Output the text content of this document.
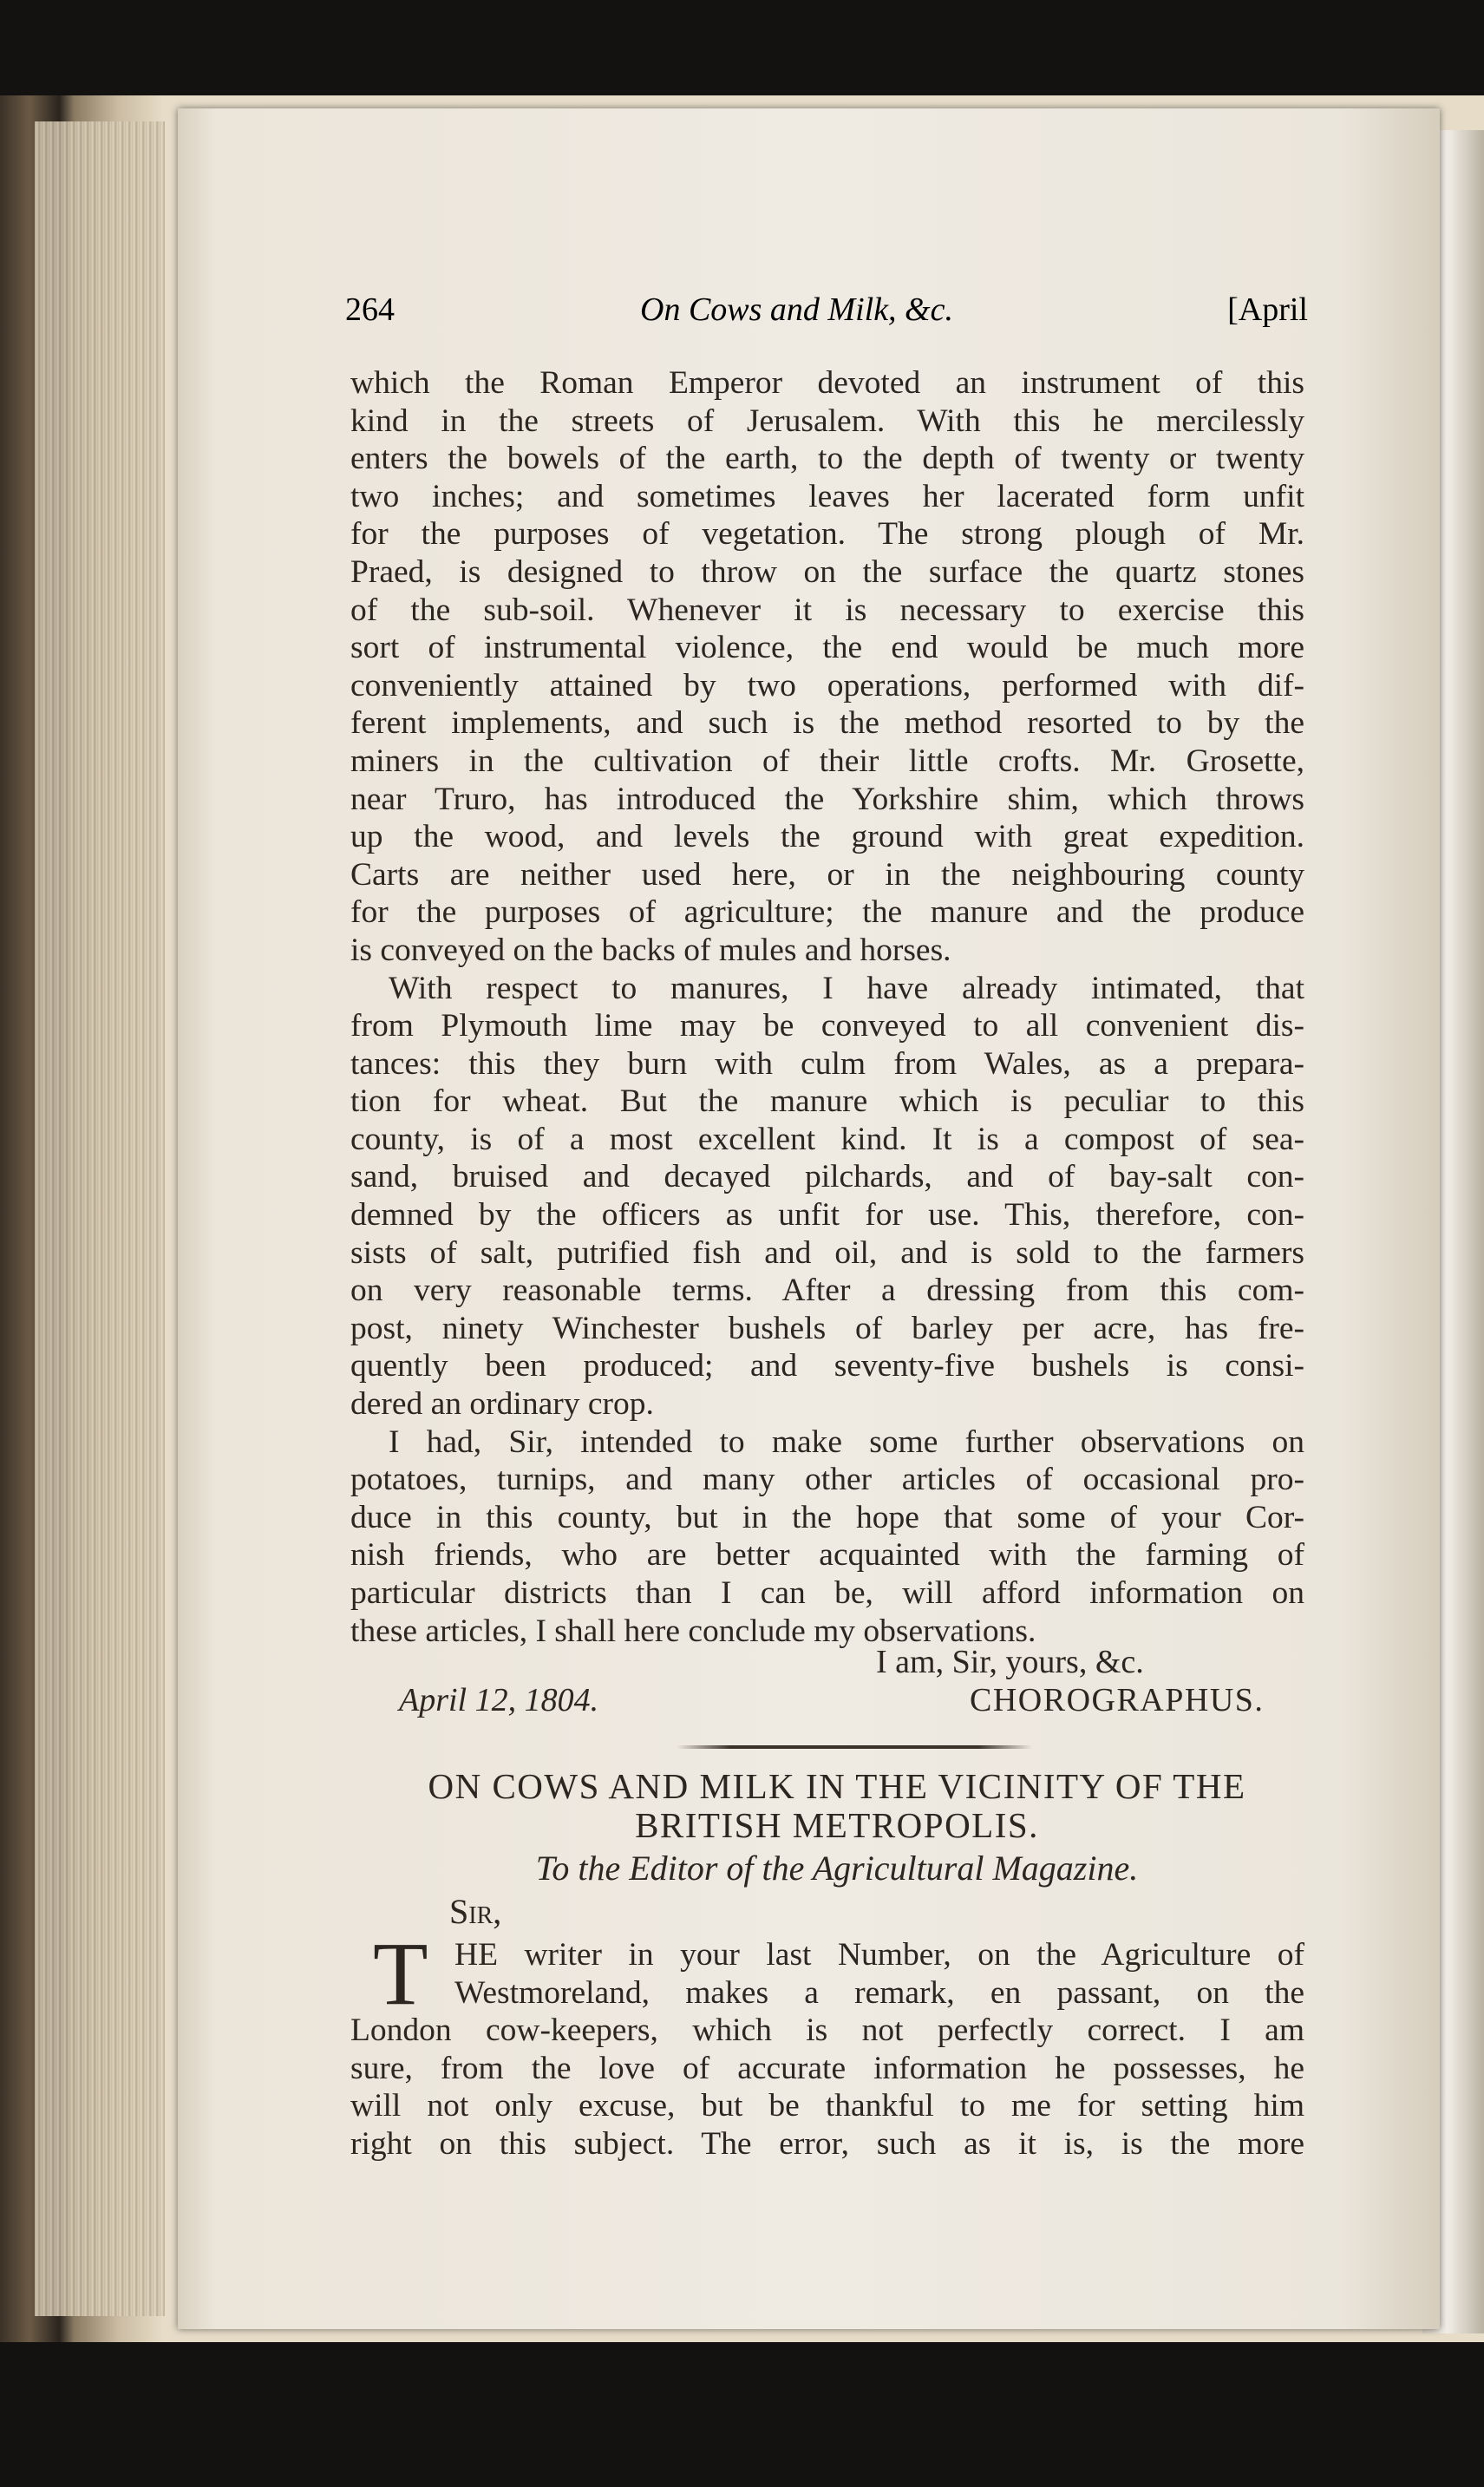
264	On Cows and Milk, &c.	[April
which the Roman Emperor devoted an instrument of this
kind in the streets of Jerusalem. With this he mercilessly
enters the bowels of the earth, to the depth of twenty or twenty
two inches; and sometimes leaves her lacerated form unfit
for the purposes of vegetation. The strong plough of Mr.
Praed, is designed to throw on the surface the quartz stones
of the sub-soil. Whenever it is necessary to exercise this
sort of instrumental violence, the end would be much more
conveniently attained by two operations, performed with dif-
ferent implements, and such is the method resorted to by the
miners in the cultivation of their little crofts. Mr. Grosette,
near Truro, has introduced the Yorkshire shim, which throws
up the wood, and levels the ground with great expedition.
Carts are neither used here, or in the neighbouring county
for the purposes of agriculture; the manure and the produce
is conveyed on the backs of mules and horses.
With respect to manures, I have already intimated, that
from Plymouth lime may be conveyed to all convenient dis-
tances: this they burn with culm from Wales, as a prepara-
tion for wheat. But the manure which is peculiar to this
county, is of a most excellent kind. It is a compost of sea-
sand, bruised and decayed pilchards, and of bay-salt con-
demned by the officers as unfit for use. This, therefore, con-
sists of salt, putrified fish and oil, and is sold to the farmers
on very reasonable terms. After a dressing from this com-
post, ninety Winchester bushels of barley per acre, has fre-
quently been produced; and seventy-five bushels is consi-
dered an ordinary crop.
I had, Sir, intended to make some further observations on
potatoes, turnips, and many other articles of occasional pro-
duce in this county, but in the hope that some of your Cor-
nish friends, who are better acquainted with the farming of
particular districts than I can be, will afford information on
these articles, I shall here conclude my observations.
I am, Sir, yours, &c.
April 12, 1804.	CHOROGRAPHUS.
ON COWS AND MILK IN THE VICINITY OF THE
BRITISH METROPOLIS.
To the Editor of the Agricultural Magazine.
Sir,
T HE writer in your last Number, on the Agriculture of
Westmoreland, makes a remark, en passant, on the
London cow-keepers, which is not perfectly correct. I am
sure, from the love of accurate information he possesses, he
will not only excuse, but be thankful to me for setting him
right on this subject. The error, such as it is, is the more
